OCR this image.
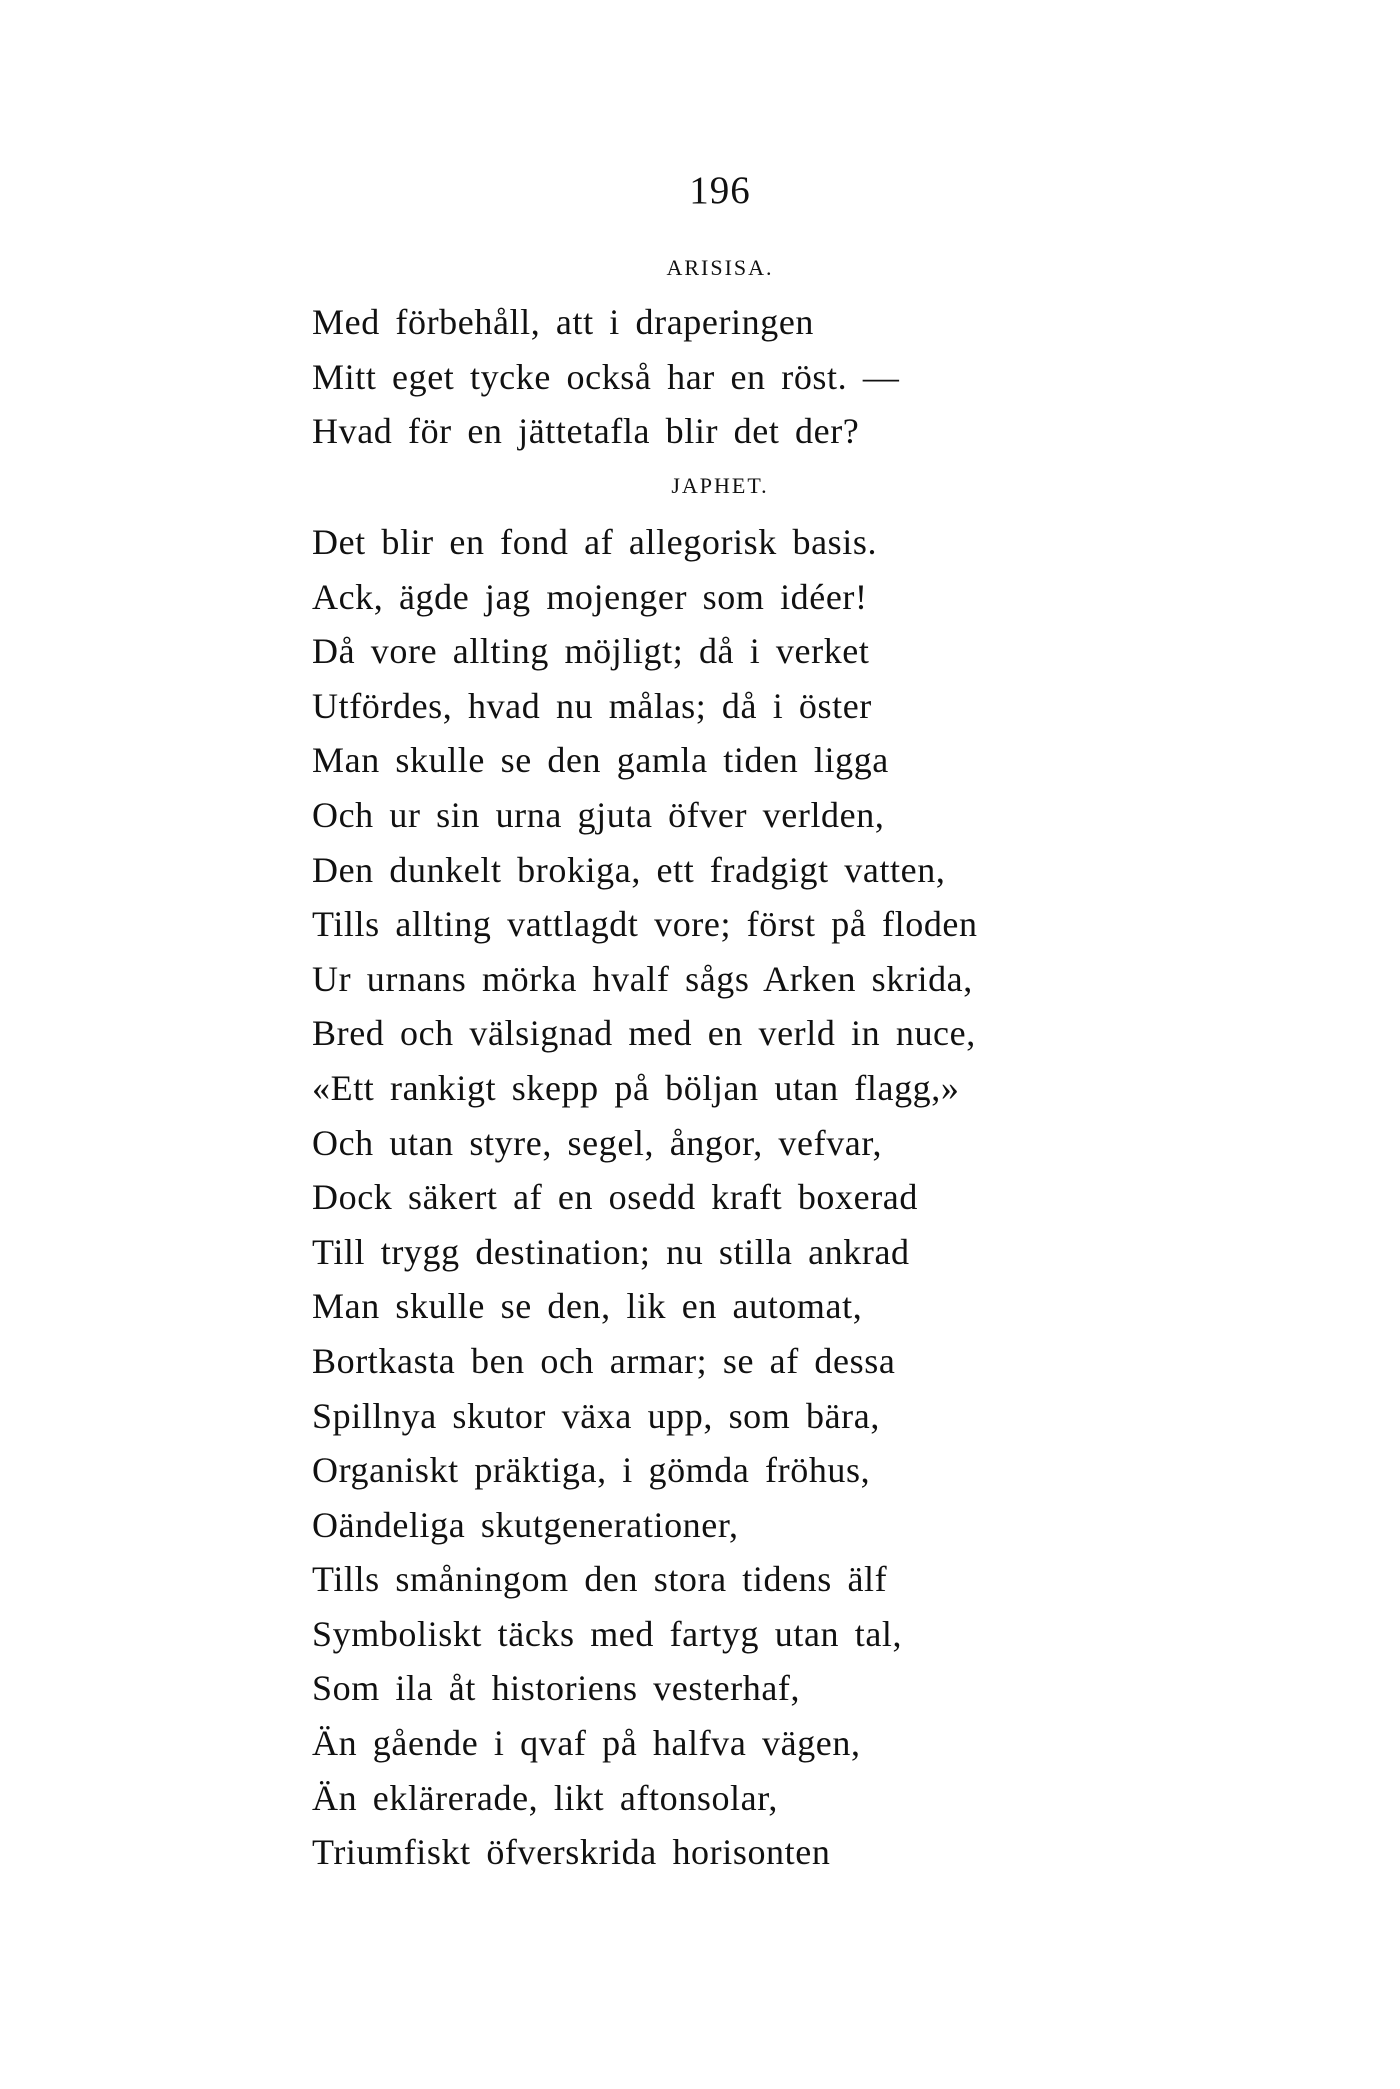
196
ARISISA.
Med förbehåll, att i draperingen
Mitt eget tycke också har en röst. —
Hvad för en jättetafla blir det der?
JAPHET.
Det blir en fond af allegorisk basis.
Ack, ägde jag mojenger som idéer!
Då vore allting möjligt; då i verket
Utfördes, hvad nu målas; då i öster
Man skulle se den gamla tiden ligga
Och ur sin urna gjuta öfver verlden,
Den dunkelt brokiga, ett fradgigt vatten,
Tills allting vattlagdt vore; först på floden
Ur urnans mörka hvalf sågs Arken skrida,
Bred och välsignad med en verld in nuce,
«Ett rankigt skepp på böljan utan flagg,»
Och utan styre, segel, ångor, vefvar,
Dock säkert af en osedd kraft boxerad
Till trygg destination; nu stilla ankrad
Man skulle se den, lik en automat,
Bortkasta ben och armar; se af dessa
Spillnya skutor växa upp, som bära,
Organiskt präktiga, i gömda fröhus,
Oändeliga skutgenerationer,
Tills småningom den stora tidens älf
Symboliskt täcks med fartyg utan tal,
Som ila åt historiens vesterhaf,
Än gående i qvaf på halfva vägen,
Än eklärerade, likt aftonsolar,
Triumfiskt öfverskrida horisonten
